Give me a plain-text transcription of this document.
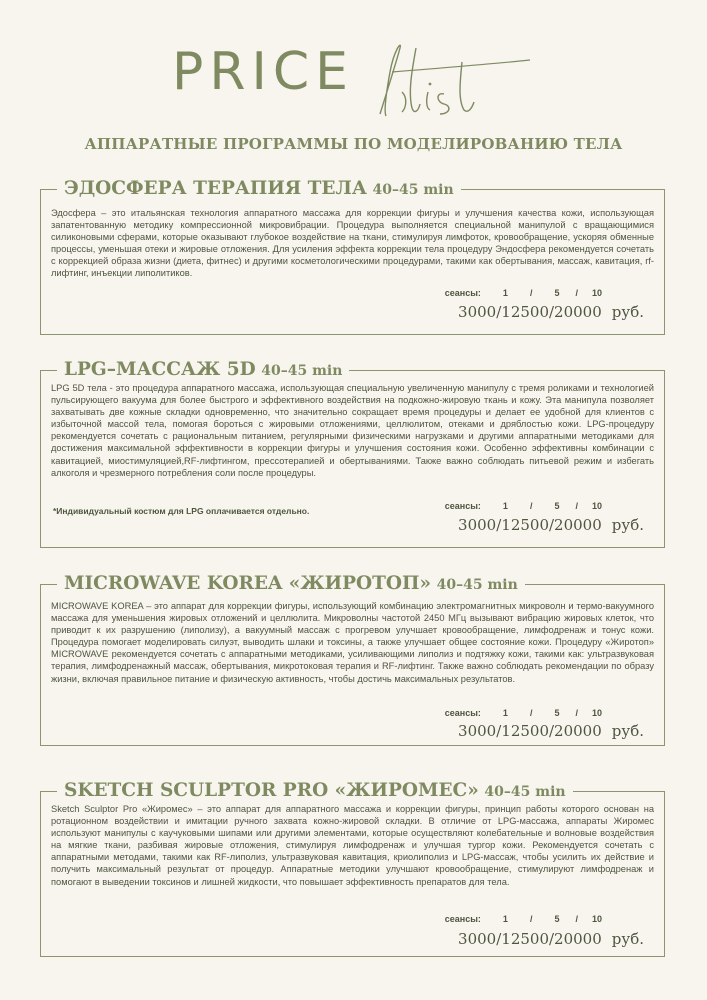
PRICE
АППАРАТНЫЕ ПРОГРАММЫ ПО МОДЕЛИРОВАНИЮ ТЕЛА
ЭДОСФЕРА ТЕРАПИЯ ТЕЛА 40–45 min
Эдосфера – это итальянская технология аппаратного массажа для коррекции фигуры и улучшения качества кожи, использующая запатентованную методику компрессионной микровибрации. Процедура выполняется специальной манипулой с вращающимися силиконовыми сферами, которые оказывают глубокое воздействие на ткани, стимулируя лимфоток, кровообращение, ускоряя обменные процессы, уменьшая отеки и жировые отложения. Для усиления эффекта коррекции тела процедуру Эндосфера рекомендуется сочетать с коррекцией образа жизни (диета, фитнес) и другими косметологическими процедурами, такими как обертывания, массаж, кавитация, rf-лифтинг, инъекции липолитиков.
сеансы: 1 / 5 / 10
3000/12500/20000 руб.
LPG–МАССАЖ 5D 40–45 min
LPG 5D тела - это процедура аппаратного массажа, использующая специальную увеличенную манипулу с тремя роликами и технологией пульсирующего вакуума для более быстрого и эффективного воздействия на подкожно-жировую ткань и кожу. Эта манипула позволяет захватывать две кожные складки одновременно, что значительно сокращает время процедуры и делает ее удобной для клиентов с избыточной массой тела, помогая бороться с жировыми отложениями, целлюлитом, отеками и дряблостью кожи. LPG-процедуру рекомендуется сочетать с рациональным питанием, регулярными физическими нагрузками и другими аппаратными методиками для достижения максимальной эффективности в коррекции фигуры и улучшения состояния кожи. Особенно эффективны комбинации с кавитацией, миостимуляцией,RF-лифтингом, прессотерапией и обертываниями. Также важно соблюдать питьевой режим и избегать алкоголя и чрезмерного потребления соли после процедуры.
*Индивидуальный костюм для LPG оплачивается отдельно.	сеансы: 1 / 5 / 10
3000/12500/20000 руб.
MICROWAVE KOREA «ЖИРОТОП» 40–45 min
MICROWAVE KOREA – это аппарат для коррекции фигуры, использующий комбинацию электромагнитных микроволн и термо-вакуумного массажа для уменьшения жировых отложений и целлюлита. Микроволны частотой 2450 МГц вызывают вибрацию жировых клеток, что приводит к их разрушению (липолизу), а вакуумный массаж с прогревом улучшает кровообращение, лимфодренаж и тонус кожи. Процедура помогает моделировать силуэт, выводить шлаки и токсины, а также улучшает общее состояние кожи. Процедуру «Жиротоп» MICROWAVE рекомендуется сочетать с аппаратными методиками, усиливающими липолиз и подтяжку кожи, такими как: ультразвуковая терапия, лимфодренажный массаж, обертывания, микротоковая терапия и RF-лифтинг. Также важно соблюдать рекомендации по образу жизни, включая правильное питание и физическую активность, чтобы достичь максимальных результатов.
сеансы: 1 / 5 / 10
3000/12500/20000 руб.
SKETCH SCULPTOR PRO «ЖИРОМЕС» 40–45 min
Sketch Sculptor Pro «Жиромес» – это аппарат для аппаратного массажа и коррекции фигуры, принцип работы которого основан на ротационном воздействии и имитации ручного захвата кожно-жировой складки. В отличие от LPG-массажа, аппараты Жиромес используют манипулы с каучуковыми шипами или другими элементами, которые осуществляют колебательные и волновые воздействия на мягкие ткани, разбивая жировые отложения, стимулируя лимфодренаж и улучшая тургор кожи. Рекомендуется сочетать с аппаратными методами, такими как RF-липолиз, ультразвуковая кавитация, криолиполиз и LPG-массаж, чтобы усилить их действие и получить максимальный результат от процедур. Аппаратные методики улучшают кровообращение, стимулируют лимфодренаж и помогают в выведении токсинов и лишней жидкости, что повышает эффективность препаратов для тела.
сеансы: 1 / 5 / 10
3000/12500/20000 руб.
